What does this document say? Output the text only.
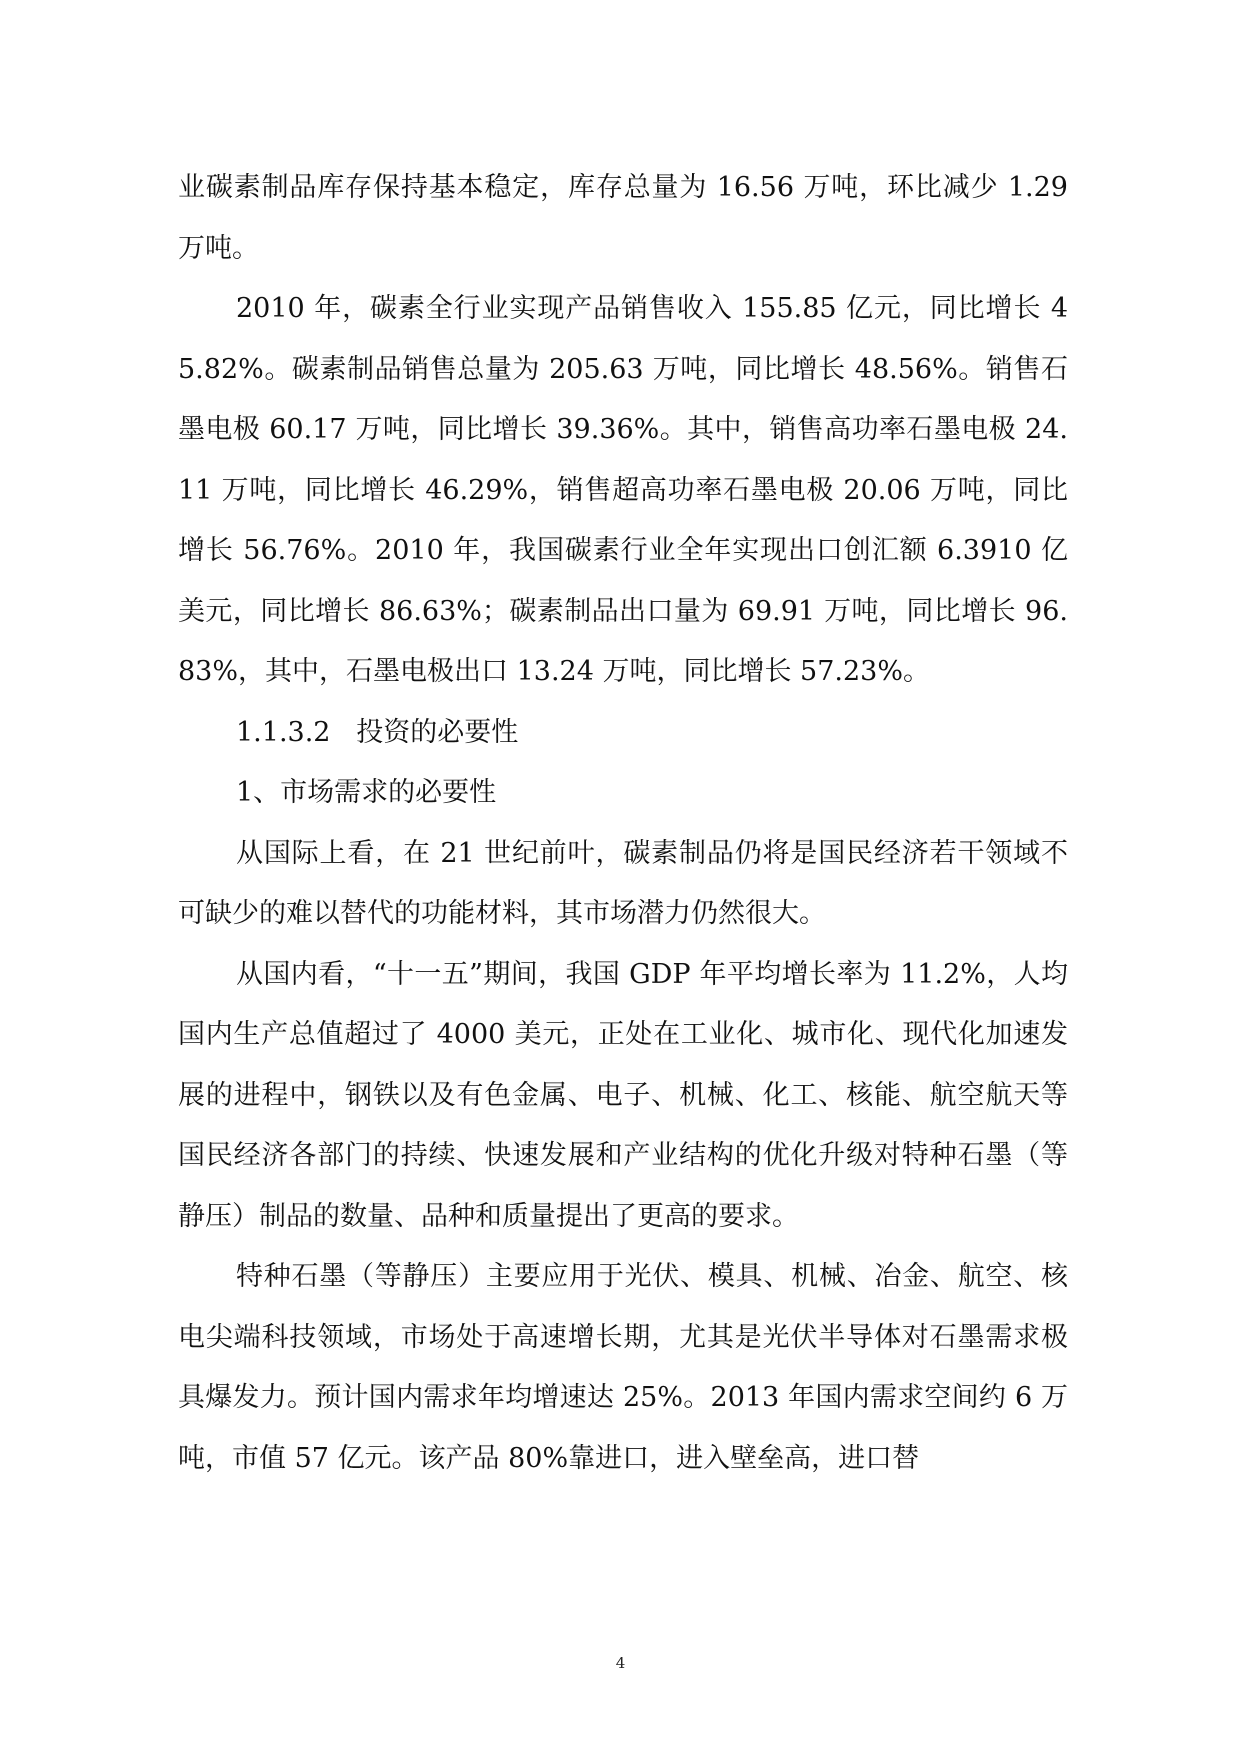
业碳素制品库存保持基本稳定，库存总量为 16.56 万吨，环比减少 1.29 万吨。

2010 年，碳素全行业实现产品销售收入 155.85 亿元，同比增长 45.82%。碳素制品销售总量为 205.63 万吨，同比增长 48.56%。销售石墨电极 60.17 万吨，同比增长 39.36%。其中，销售高功率石墨电极 24.11 万吨，同比增长 46.29%，销售超高功率石墨电极 20.06 万吨，同比增长 56.76%。2010 年，我国碳素行业全年实现出口创汇额 6.3910 亿美元，同比增长 86.63%；碳素制品出口量为 69.91 万吨，同比增长 96.83%，其中，石墨电极出口 13.24 万吨，同比增长 57.23%。

1.1.3.2   投资的必要性

1、市场需求的必要性

从国际上看，在 21 世纪前叶，碳素制品仍将是国民经济若干领域不可缺少的难以替代的功能材料，其市场潜力仍然很大。

从国内看，“十一五”期间，我国 GDP 年平均增长率为 11.2%，人均国内生产总值超过了 4000 美元，正处在工业化、城市化、现代化加速发展的进程中，钢铁以及有色金属、电子、机械、化工、核能、航空航天等国民经济各部门的持续、快速发展和产业结构的优化升级对特种石墨（等静压）制品的数量、品种和质量提出了更高的要求。

特种石墨（等静压）主要应用于光伏、模具、机械、冶金、航空、核电尖端科技领域，市场处于高速增长期，尤其是光伏半导体对石墨需求极具爆发力。预计国内需求年均增速达 25%。2013 年国内需求空间约 6 万吨，市值 57 亿元。该产品 80%靠进口，进入壁垒高，进口替

4
